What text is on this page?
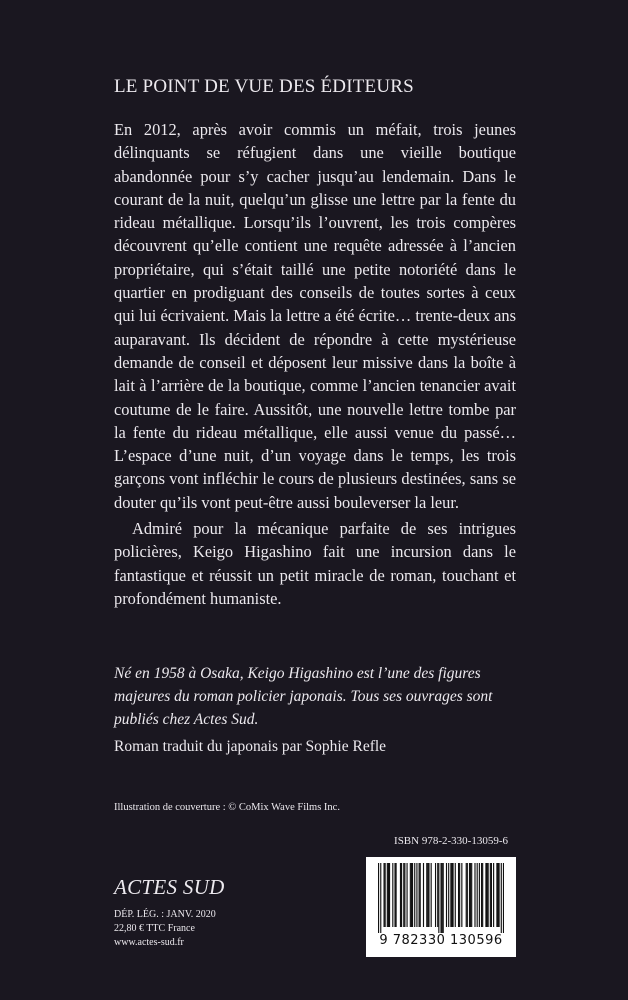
LE POINT DE VUE DES ÉDITEURS

En 2012, après avoir commis un méfait, trois jeunes délinquants se réfugient dans une vieille boutique abandonnée pour s’y cacher jusqu’au lendemain. Dans le courant de la nuit, quelqu’un glisse une lettre par la fente du rideau métallique. Lorsqu’ils l’ouvrent, les trois compères découvrent qu’elle contient une requête adressée à l’ancien propriétaire, qui s’était taillé une petite notoriété dans le quartier en prodiguant des conseils de toutes sortes à ceux qui lui écrivaient. Mais la lettre a été écrite… trente-deux ans auparavant. Ils décident de répondre à cette mystérieuse demande de conseil et déposent leur missive dans la boîte à lait à l’arrière de la boutique, comme l’ancien tenancier avait coutume de le faire. Aussitôt, une nouvelle lettre tombe par la fente du rideau métallique, elle aussi venue du passé… L’espace d’une nuit, d’un voyage dans le temps, les trois garçons vont infléchir le cours de plusieurs destinées, sans se douter qu’ils vont peut-être aussi bouleverser la leur.

Admiré pour la mécanique parfaite de ses intrigues policières, Keigo Higashino fait une incursion dans le fantastique et réussit un petit miracle de roman, touchant et profondément humaniste.

Né en 1958 à Osaka, Keigo Higashino est l’une des figures majeures du roman policier japonais. Tous ses ouvrages sont publiés chez Actes Sud.
Roman traduit du japonais par Sophie Refle
Illustration de couverture : © CoMix Wave Films Inc.
ISBN 978-2-330-13059-6
ACTES SUD
DÉP. LÉG. : JANV. 2020
22,80 € TTC France
www.actes-sud.fr	9 782330 130596
